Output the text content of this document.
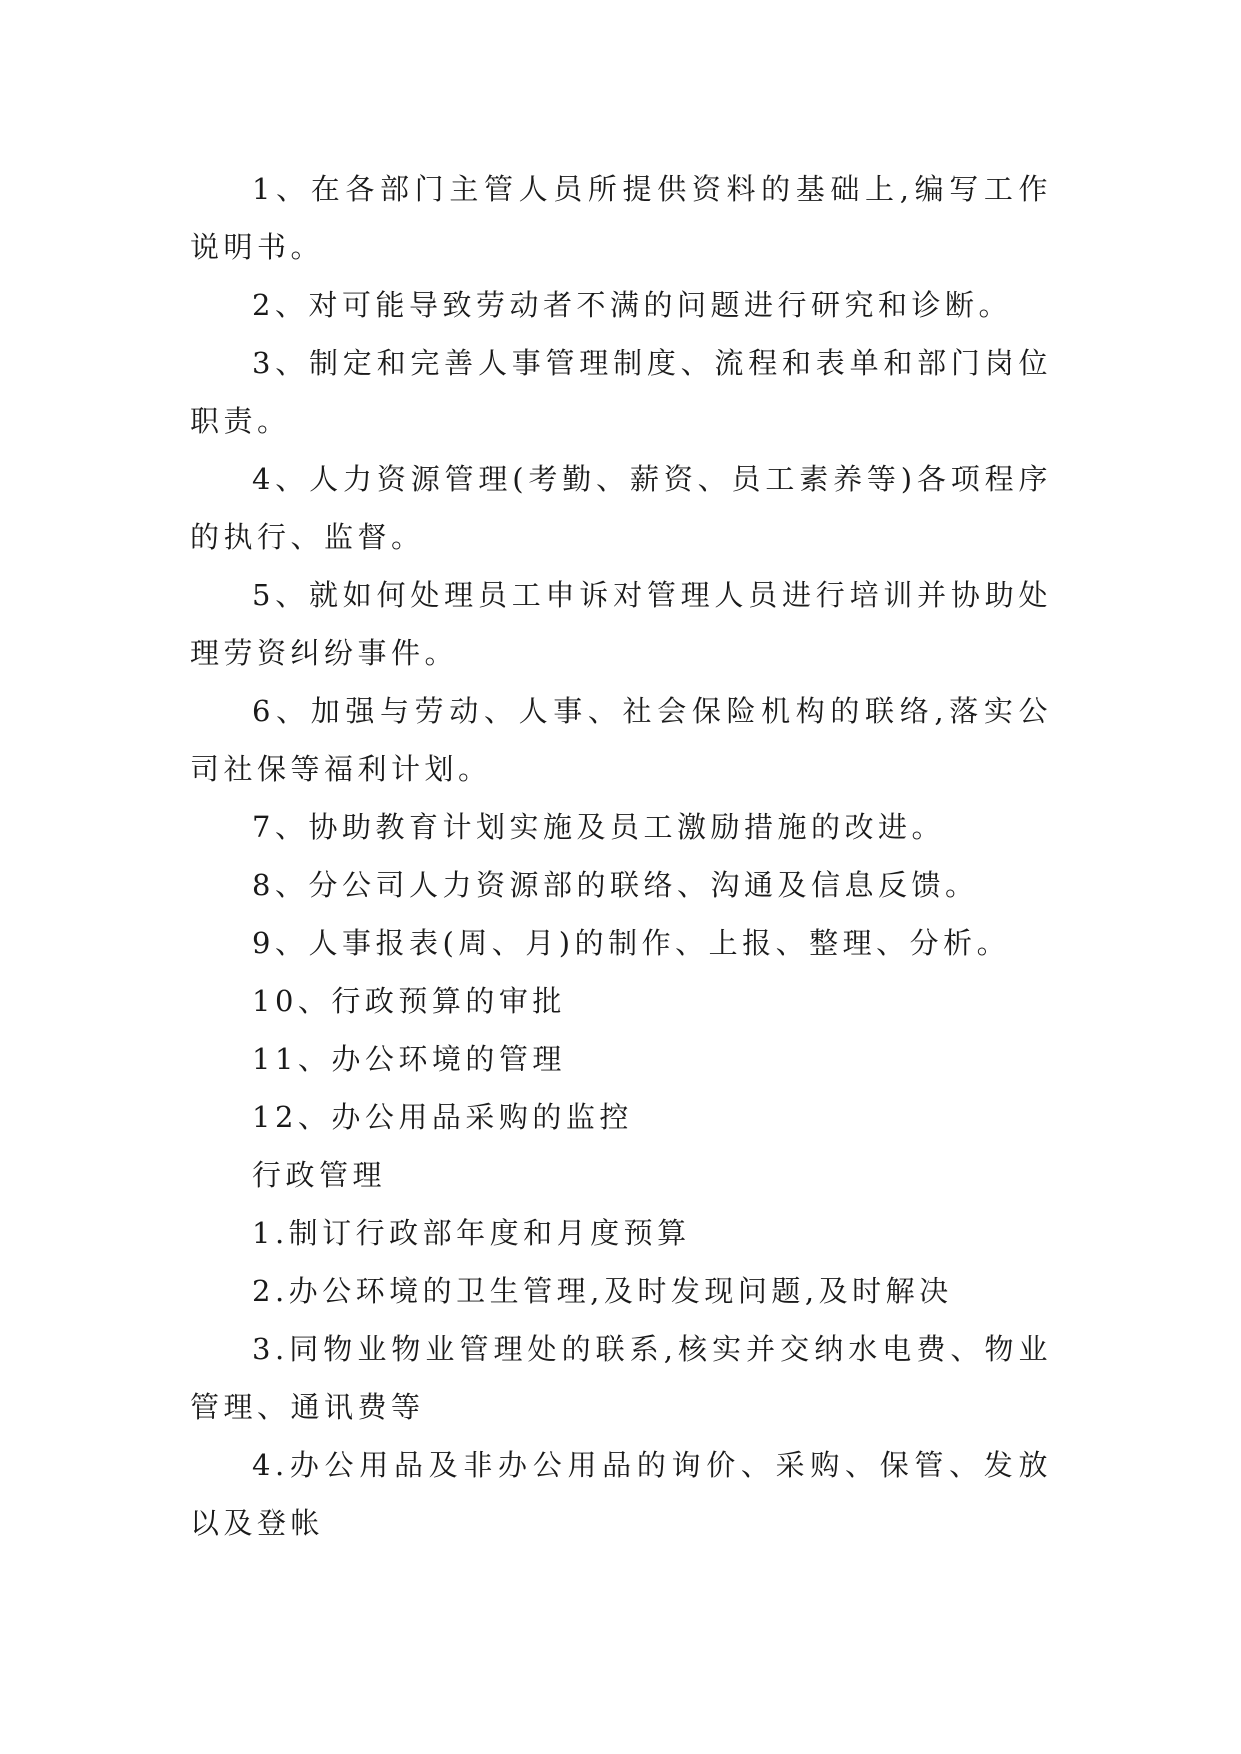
1、在各部门主管人员所提供资料的基础上,编写工作说明书。

2、对可能导致劳动者不满的问题进行研究和诊断。

3、制定和完善人事管理制度、流程和表单和部门岗位职责。

4、人力资源管理(考勤、薪资、员工素养等)各项程序的执行、监督。

5、就如何处理员工申诉对管理人员进行培训并协助处理劳资纠纷事件。

6、加强与劳动、人事、社会保险机构的联络,落实公司社保等福利计划。

7、协助教育计划实施及员工激励措施的改进。

8、分公司人力资源部的联络、沟通及信息反馈。

9、人事报表(周、月)的制作、上报、整理、分析。

10、行政预算的审批

11、办公环境的管理

12、办公用品采购的监控

行政管理

1.制订行政部年度和月度预算

2.办公环境的卫生管理,及时发现问题,及时解决

3.同物业物业管理处的联系,核实并交纳水电费、物业管理、通讯费等

4.办公用品及非办公用品的询价、采购、保管、发放以及登帐
